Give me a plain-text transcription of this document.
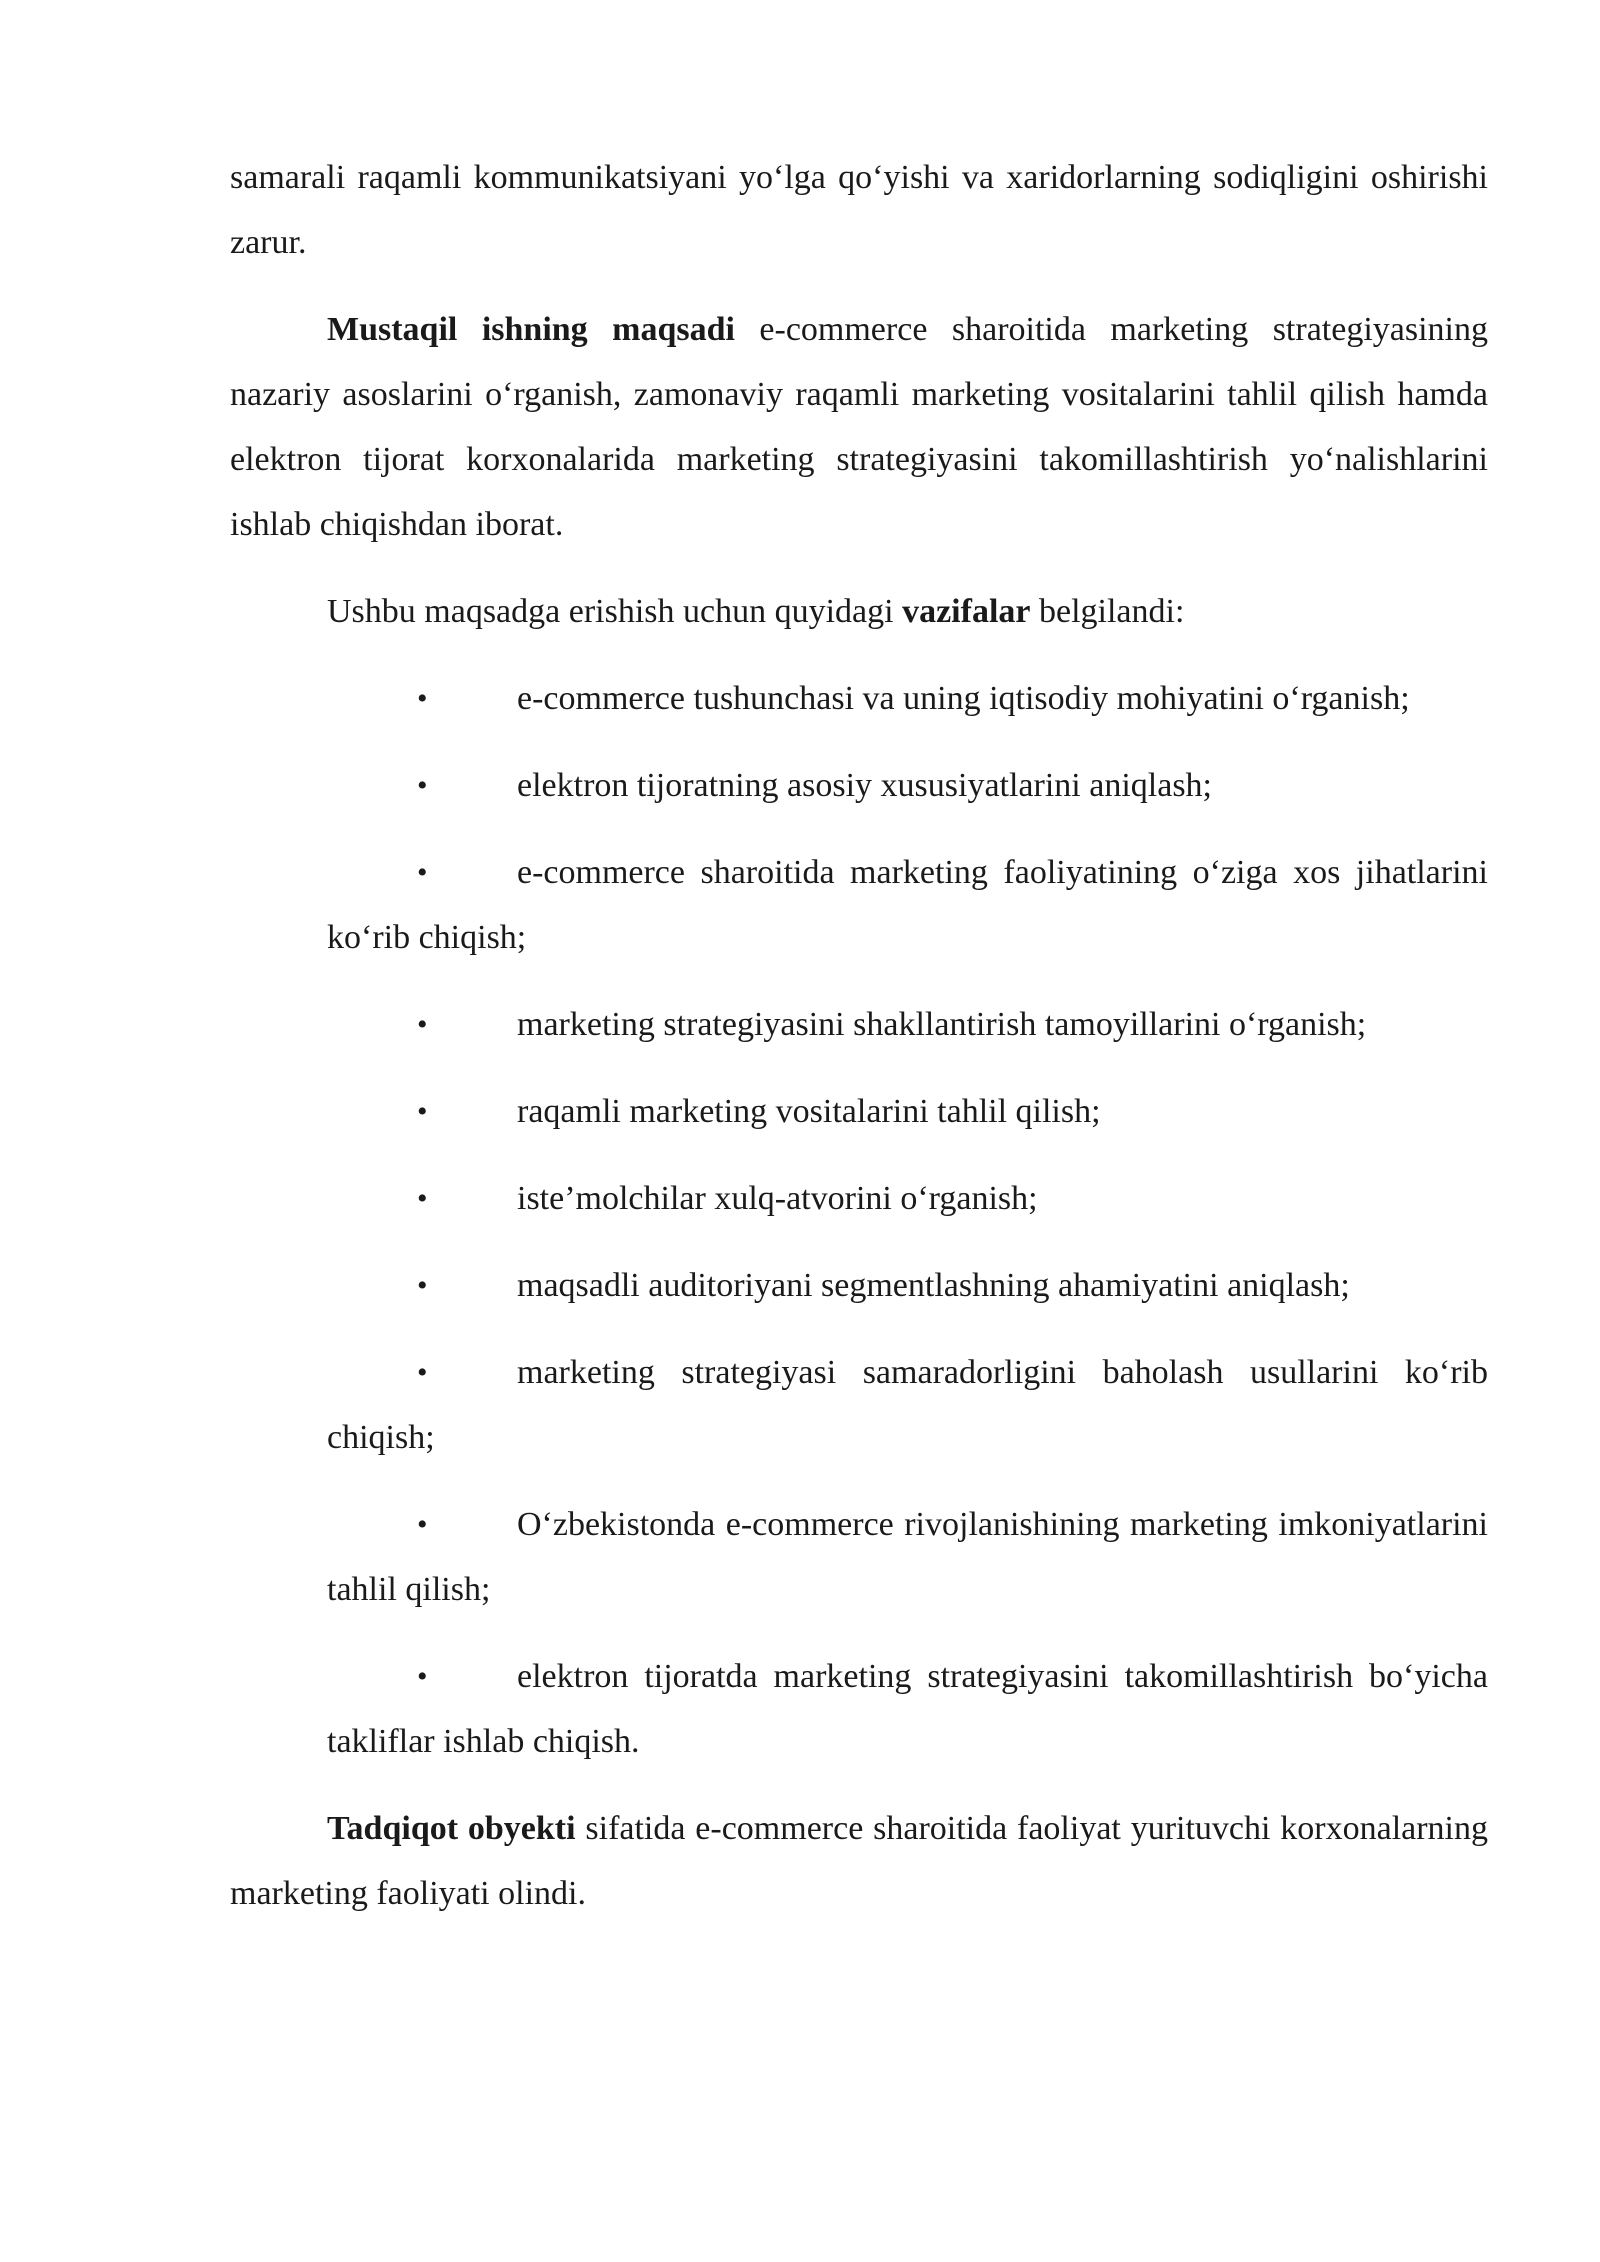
samarali raqamli kommunikatsiyani yo‘lga qo‘yishi va xaridorlarning sodiqligini oshirishi zarur.

Mustaqil ishning maqsadi e-commerce sharoitida marketing strategiyasining nazariy asoslarini o‘rganish, zamonaviy raqamli marketing vositalarini tahlil qilish hamda elektron tijorat korxonalarida marketing strategiyasini takomillashtirish yo‘nalishlarini ishlab chiqishdan iborat.

Ushbu maqsadga erishish uchun quyidagi vazifalar belgilandi:

•	e-commerce tushunchasi va uning iqtisodiy mohiyatini o‘rganish;
•	elektron tijoratning asosiy xususiyatlarini aniqlash;
•	e-commerce sharoitida marketing faoliyatining o‘ziga xos jihatlarini ko‘rib chiqish;
•	marketing strategiyasini shakllantirish tamoyillarini o‘rganish;
•	raqamli marketing vositalarini tahlil qilish;
•	iste’molchilar xulq-atvorini o‘rganish;
•	maqsadli auditoriyani segmentlashning ahamiyatini aniqlash;
•	marketing strategiyasi samaradorligini baholash usullarini ko‘rib chiqish;
•	O‘zbekistonda e-commerce rivojlanishining marketing imkoniyatlarini tahlil qilish;
•	elektron tijoratda marketing strategiyasini takomillashtirish bo‘yicha takliflar ishlab chiqish.

Tadqiqot obyekti sifatida e-commerce sharoitida faoliyat yurituvchi korxonalarning marketing faoliyati olindi.
